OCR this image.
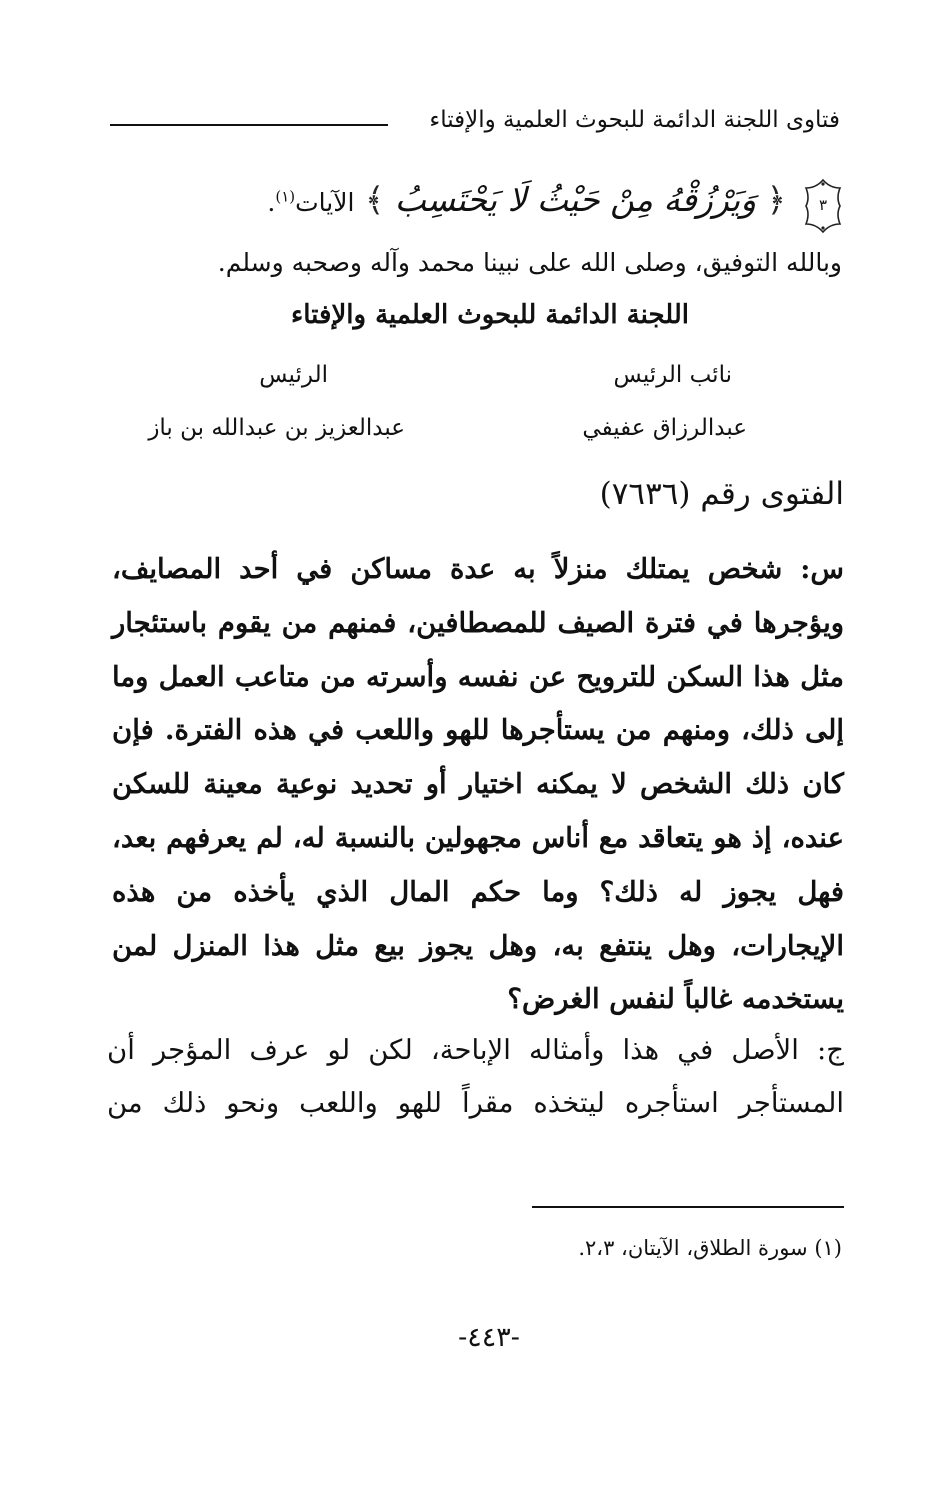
فتاوى اللجنة الدائمة للبحوث العلمية والإفتاء
٣
﴿ وَيَرْزُقْهُ مِنْ حَيْثُ لَا يَحْتَسِبُ ﴾ الآيات$^{(١)}$.
وبالله التوفيق، وصلى الله على نبينا محمد وآله وصحبه وسلم.
اللجنة الدائمة للبحوث العلمية والإفتاء
نائب الرئيس
الرئيس
عبدالرزاق عفيفي
عبدالعزيز بن عبدالله بن باز
الفتوى رقم (٧٦٣٦)
س: شخص يمتلك منزلاً به عدة مساكن في أحد المصايف، ويؤجرها في فترة الصيف للمصطافين، فمنهم من يقوم باستئجار مثل هذا السكن للترويح عن نفسه وأسرته من متاعب العمل وما إلى ذلك، ومنهم من يستأجرها للهو واللعب في هذه الفترة. فإن كان ذلك الشخص لا يمكنه اختيار أو تحديد نوعية معينة للسكن عنده، إذ هو يتعاقد مع أناس مجهولين بالنسبة له، لم يعرفهم بعد، فهل يجوز له ذلك؟ وما حكم المال الذي يأخذه من هذه الإيجارات، وهل ينتفع به، وهل يجوز بيع مثل هذا المنزل لمن يستخدمه غالباً لنفس الغرض؟
ج: الأصل في هذا وأمثاله الإباحة، لكن لو عرف المؤجر أن المستأجر استأجره ليتخذه مقراً للهو واللعب ونحو ذلك من
(١) سورة الطلاق، الآيتان، ٢،٣.
-٤٤٣-
